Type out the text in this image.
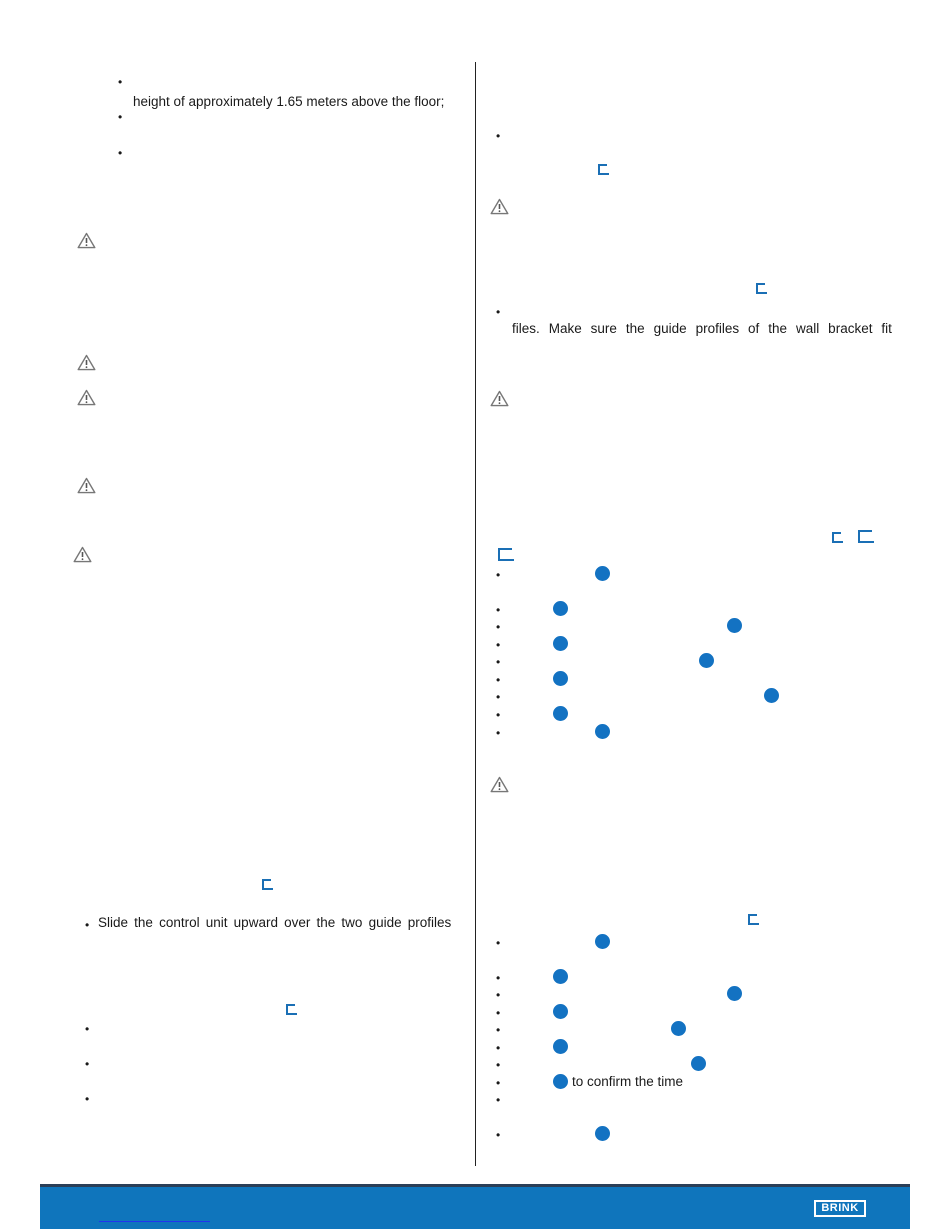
•
height of approximately 1.65 meters above the floor;
•
•
• Slide the control unit upward over the two guide profiles
•
•
•
•
•
files. Make sure the guide profiles of the wall bracket fit
•
•
•
•
•
•
•
•
•
•
•
•
•
•
•
•
•	to confirm the time
•
•
BRINK
